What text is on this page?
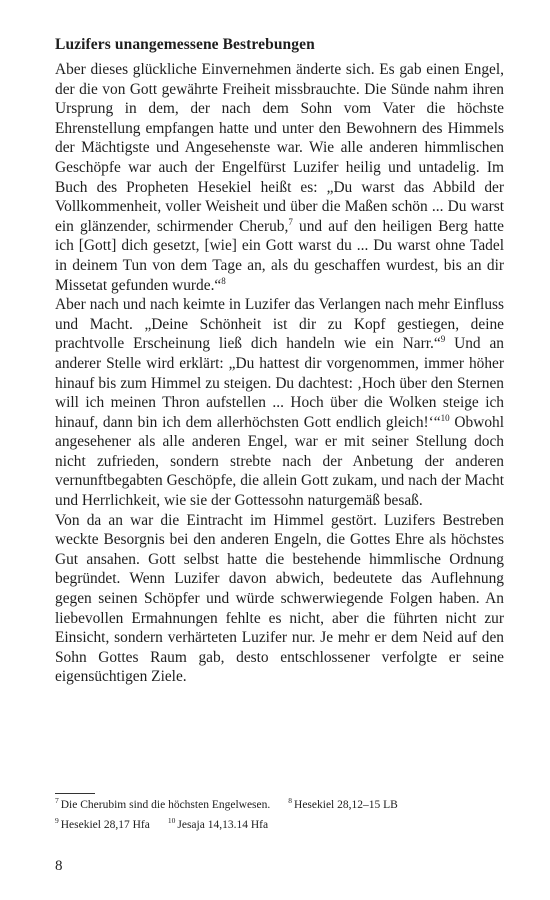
Luzifers unangemessene Bestrebungen

Aber dieses glückliche Einvernehmen änderte sich. Es gab einen Engel, der die von Gott gewährte Freiheit missbrauchte. Die Sünde nahm ihren Ursprung in dem, der nach dem Sohn vom Vater die höchste Ehrenstellung empfangen hatte und unter den Bewohnern des Himmels der Mächtigste und Angesehenste war. Wie alle anderen himmlischen Geschöpfe war auch der Engelfürst Luzifer heilig und untadelig. Im Buch des Propheten Hesekiel heißt es: „Du warst das Abbild der Vollkommenheit, voller Weisheit und über die Maßen schön ... Du warst ein glänzender, schirmender Cherub,$^7$ und auf den heiligen Berg hatte ich [Gott] dich gesetzt, [wie] ein Gott warst du ... Du warst ohne Tadel in deinem Tun von dem Tage an, als du geschaffen wurdest, bis an dir Missetat gefunden wurde.“$^8$

Aber nach und nach keimte in Luzifer das Verlangen nach mehr Einfluss und Macht. „Deine Schönheit ist dir zu Kopf gestiegen, deine prachtvolle Erscheinung ließ dich handeln wie ein Narr.“$^9$ Und an anderer Stelle wird erklärt: „Du hattest dir vorgenommen, immer höher hinauf bis zum Himmel zu steigen. Du dachtest: ‚Hoch über den Sternen will ich meinen Thron aufstellen ... Hoch über die Wolken steige ich hinauf, dann bin ich dem allerhöchsten Gott endlich gleich!‘“$^{10}$ Obwohl angesehener als alle anderen Engel, war er mit seiner Stellung doch nicht zufrieden, sondern strebte nach der Anbetung der anderen vernunftbegabten Geschöpfe, die allein Gott zukam, und nach der Macht und Herrlichkeit, wie sie der Gottessohn naturgemäß besaß.

Von da an war die Eintracht im Himmel gestört. Luzifers Bestreben weckte Besorgnis bei den anderen Engeln, die Gottes Ehre als höchstes Gut ansahen. Gott selbst hatte die bestehende himmlische Ordnung begründet. Wenn Luzifer davon abwich, bedeutete das Auflehnung gegen seinen Schöpfer und würde schwerwiegende Folgen haben. An liebevollen Ermahnungen fehlte es nicht, aber die führten nicht zur Einsicht, sondern verhärteten Luzifer nur. Je mehr er dem Neid auf den Sohn Gottes Raum gab, desto entschlossener verfolgte er seine eigensüchtigen Ziele.

$^7$ Die Cherubim sind die höchsten Engelwesen. $^8$ Hesekiel 28,12–15 LB
$^9$ Hesekiel 28,17 Hfa $^{10}$ Jesaja 14,13.14 Hfa
8
